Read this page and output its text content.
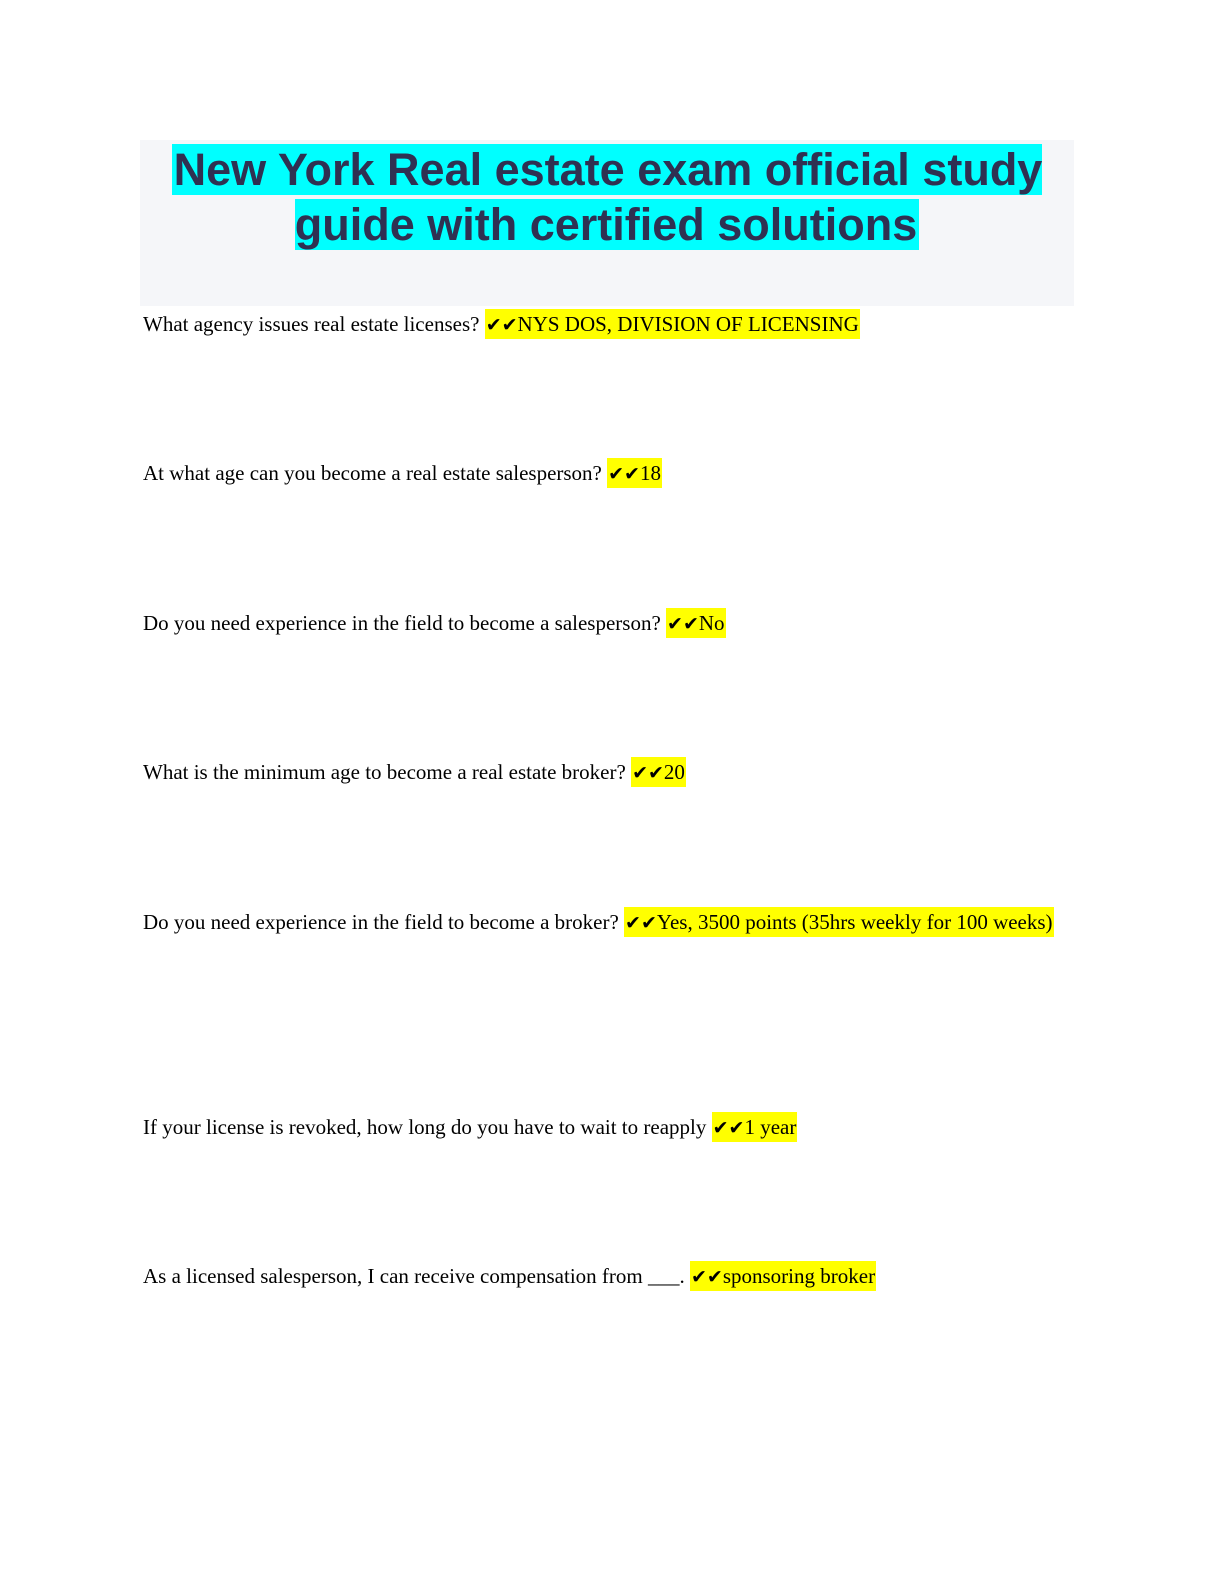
New York Real estate exam official study guide with certified solutions

What agency issues real estate licenses? ✔✔NYS DOS, DIVISION OF LICENSING

At what age can you become a real estate salesperson? ✔✔18

Do you need experience in the field to become a salesperson? ✔✔No

What is the minimum age to become a real estate broker? ✔✔20

Do you need experience in the field to become a broker? ✔✔Yes, 3500 points (35hrs weekly for 100 weeks)

If your license is revoked, how long do you have to wait to reapply ✔✔1 year

As a licensed salesperson, I can receive compensation from ___. ✔✔sponsoring broker
